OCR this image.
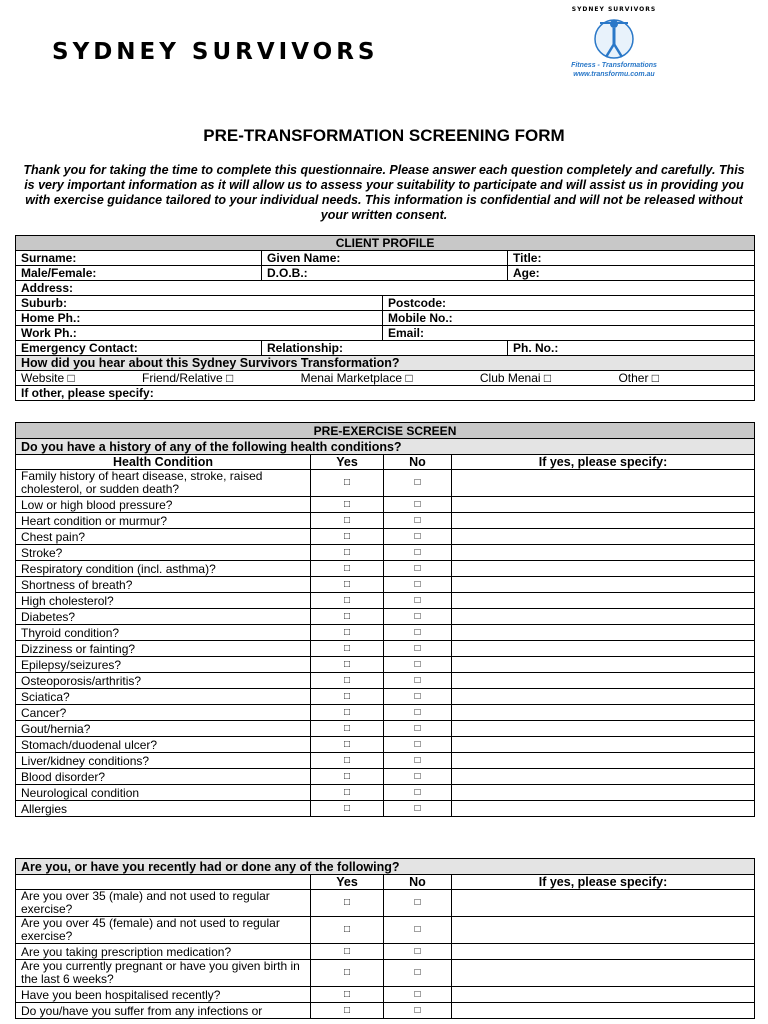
SYDNEY SURVIVORS
SYDNEY SURVIVORS
Fitness - Transformations
www.transformu.com.au
PRE-TRANSFORMATION SCREENING FORM
Thank you for taking the time to complete this questionnaire. Please answer each question completely and carefully. This is very important information as it will allow us to assess your suitability to participate and will assist us in providing you with exercise guidance tailored to your individual needs. This information is confidential and will not be released without your written consent.
CLIENT PROFILE			
Surname:	Given Name:		Title:
Male/Female:	D.O.B.:		Age:
Address:			
Suburb:		Postcode:	
Home Ph.:		Mobile No.:	
Work Ph.:		Email:	
Emergency Contact:	Relationship:		Ph. No.:
How did you hear about this Sydney Survivors Transformation?			

Website □ Friend/Relative □ Menai Marketplace □ Club Menai □ Other □			

If other, please specify:			
PRE-EXERCISE SCREEN			
Do you have a history of any of the following health conditions?			
Health Condition	Yes	No	If yes, please specify:
Family history of heart disease, stroke, raised cholesterol, or sudden death?	□	□	
Low or high blood pressure?	□	□	
Heart condition or murmur?	□	□	
Chest pain?	□	□	
Stroke?	□	□	
Respiratory condition (incl. asthma)?	□	□	
Shortness of breath?	□	□	
High cholesterol?	□	□	
Diabetes?	□	□	
Thyroid condition?	□	□	
Dizziness or fainting?	□	□	
Epilepsy/seizures?	□	□	
Osteoporosis/arthritis?	□	□	
Sciatica?	□	□	
Cancer?	□	□	
Gout/hernia?	□	□	
Stomach/duodenal ulcer?	□	□	
Liver/kidney conditions?	□	□	
Blood disorder?	□	□	
Neurological condition	□	□	
Allergies	□	□	
Are you, or have you recently had or done any of the following?			
	Yes	No	If yes, please specify:
Are you over 35 (male) and not used to regular exercise?	□	□	
Are you over 45 (female) and not used to regular exercise?	□	□	
Are you taking prescription medication?	□	□	
Are you currently pregnant or have you given birth in the last 6 weeks?	□	□	
Have you been hospitalised recently?	□	□	
Do you/have you suffer from any infections or	□	□	
